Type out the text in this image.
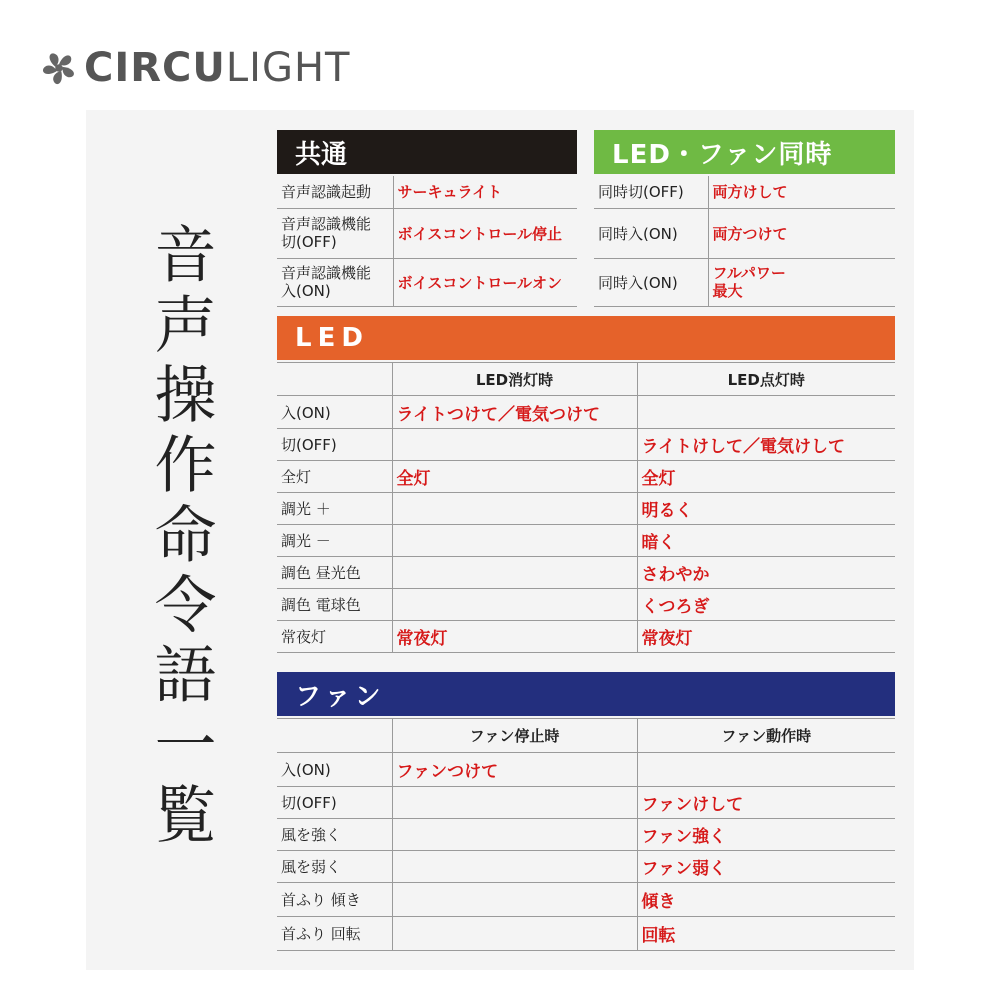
CIRCU LIGHT
音声操作命令語一覧
共通	LED・ファン同時
音声認識起動	サーキュライト
音声認識機能
切(OFF)	ボイスコントロール停止
音声認識機能
入(ON)	ボイスコントロールオン
同時切(OFF)	両方けして
同時入(ON)	両方つけて
同時入(ON)	フルパワー
最大
LED
	LED消灯時	LED点灯時
入(ON)	ライトつけて／電気つけて	
切(OFF)		ライトけして／電気けして
全灯	全灯	全灯
調光 ＋		明るく
調光 －		暗く
調色 昼光色		さわやか
調色 電球色		くつろぎ
常夜灯	常夜灯	常夜灯
ファン
	ファン停止時	ファン動作時
入(ON)	ファンつけて	
切(OFF)		ファンけして
風を強く		ファン強く
風を弱く		ファン弱く
首ふり 傾き		傾き
首ふり 回転		回転
